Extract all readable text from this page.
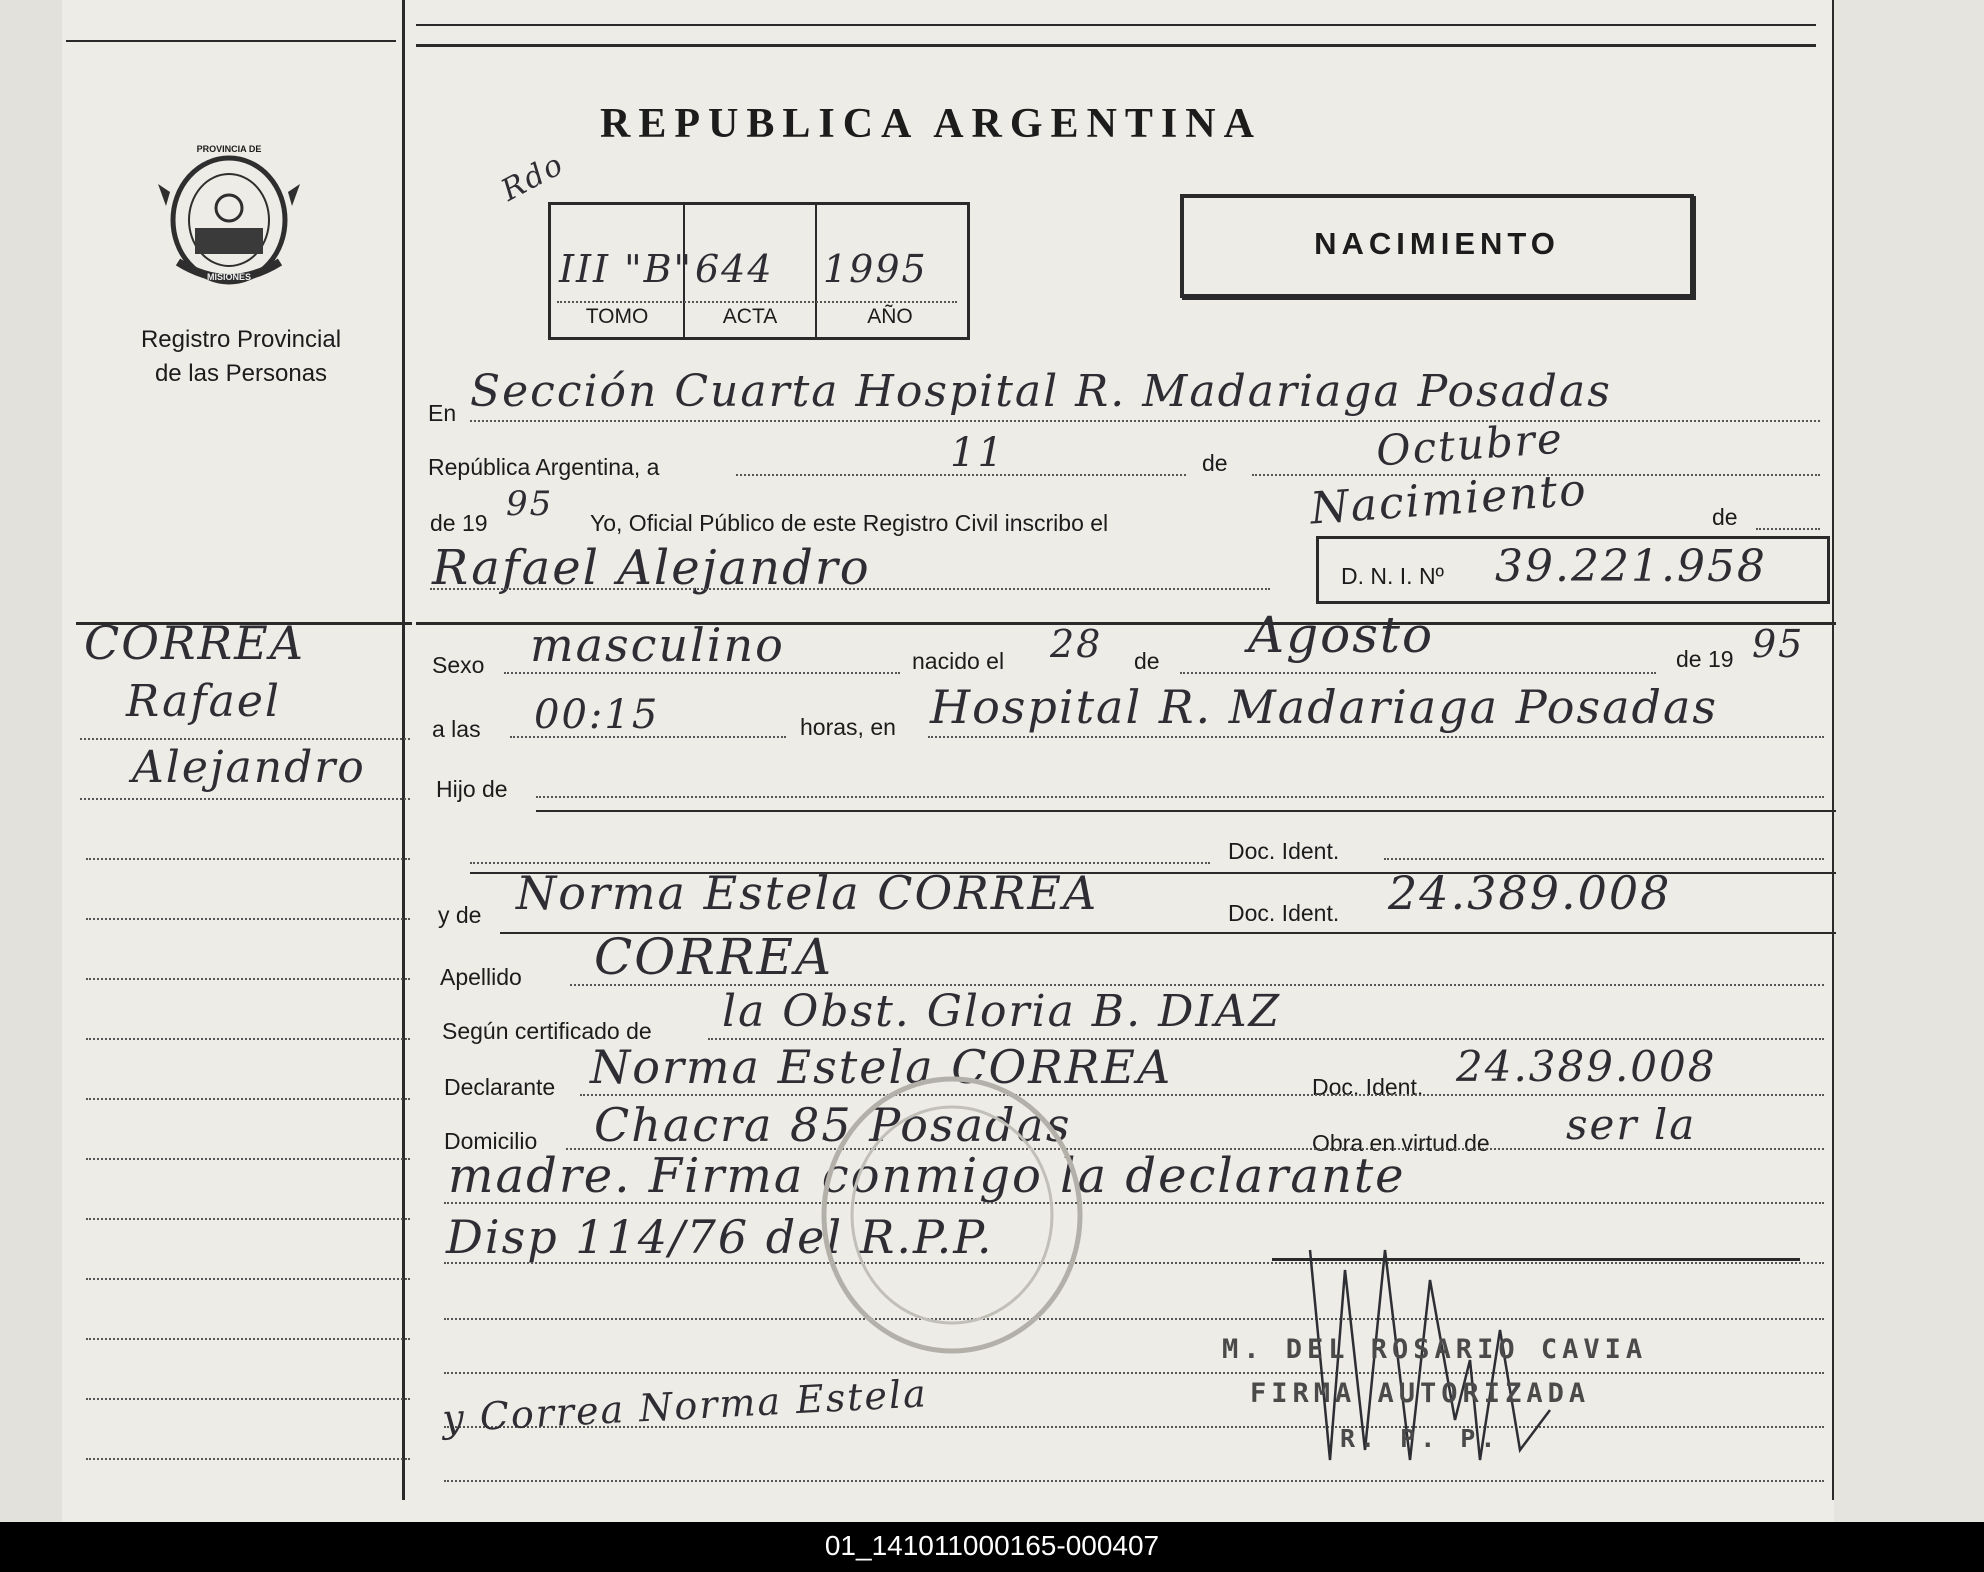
PROVINCIA DE
MISIONES
Registro Provincial
de las Personas
REPUBLICA ARGENTINA
Rdo
III "B" 644 1995
TOMO	ACTA	AÑO
NACIMIENTO
En Sección Cuarta Hospital R. Madariaga Posadas
República Argentina, a	11	de	Octubre
de 19 95 Yo, Oficial Público de este Registro Civil inscribo el	Nacimiento	de
Rafael Alejandro	D. N. I. Nº 39.221.958
Sexo masculino	nacido el 28 de Agosto	de 19 95
a las 00:15	horas, en Hospital R. Madariaga Posadas
Hijo de
Doc. Ident.
y de Norma Estela CORREA	Doc. Ident. 24.389.008
Apellido CORREA
Según certificado de la Obst. Gloria B. DIAZ
Declarante Norma Estela CORREA	Doc. Ident. 24.389.008
Domicilio Chacra 85 Posadas	Obra en virtud de ser la
madre. Firma conmigo la declarante
Disp 114/76 del R.P.P.
y Correa Norma Estela
M. DEL ROSARIO CAVIA
FIRMA AUTORIZADA
R. P. P.
CORREA
Rafael
Alejandro
01_141011000165-000407
